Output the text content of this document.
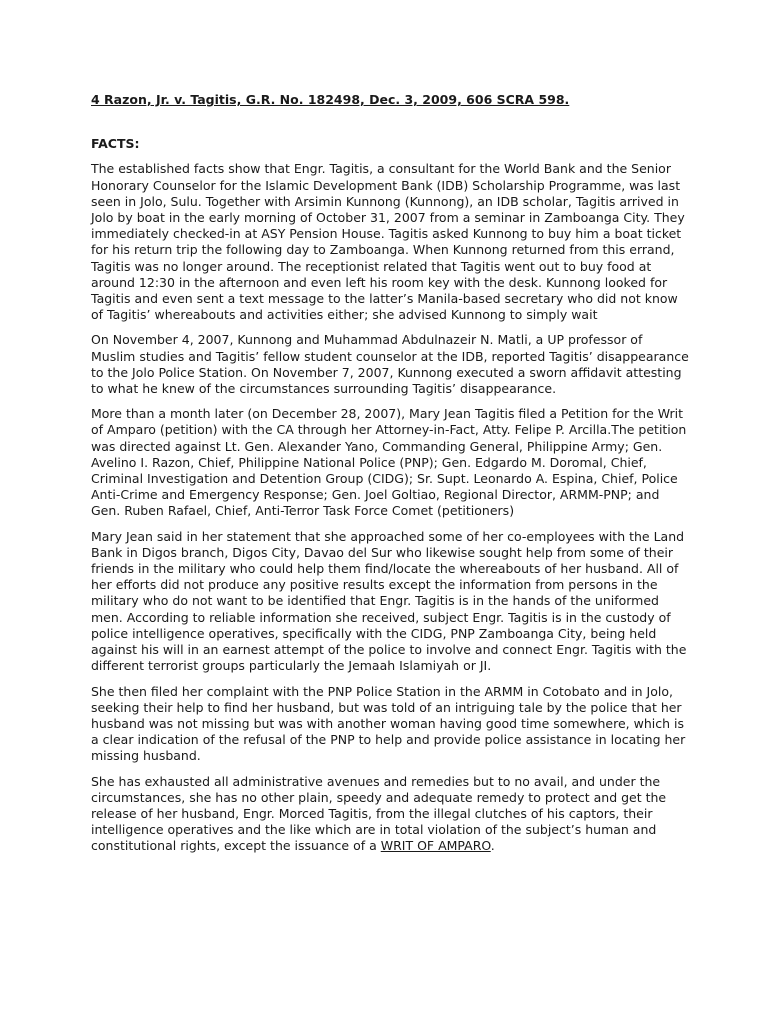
4 Razon, Jr. v. Tagitis, G.R. No. 182498, Dec. 3, 2009, 606 SCRA 598.
FACTS:

The established facts show that Engr. Tagitis, a consultant for the World Bank and the Senior Honorary Counselor for the Islamic Development Bank (IDB) Scholarship Programme, was last seen in Jolo, Sulu. Together with Arsimin Kunnong (Kunnong), an IDB scholar, Tagitis arrived in Jolo by boat in the early morning of October 31, 2007 from a seminar in Zamboanga City. They immediately checked-in at ASY Pension House. Tagitis asked Kunnong to buy him a boat ticket for his return trip the following day to Zamboanga. When Kunnong returned from this errand, Tagitis was no longer around. The receptionist related that Tagitis went out to buy food at around 12:30 in the afternoon and even left his room key with the desk. Kunnong looked for Tagitis and even sent a text message to the latter’s Manila-based secretary who did not know of Tagitis’ whereabouts and activities either; she advised Kunnong to simply wait

On November 4, 2007, Kunnong and Muhammad Abdulnazeir N. Matli, a UP professor of Muslim studies and Tagitis’ fellow student counselor at the IDB, reported Tagitis’ disappearance to the Jolo Police Station. On November 7, 2007, Kunnong executed a sworn affidavit attesting to what he knew of the circumstances surrounding Tagitis’ disappearance.

More than a month later (on December 28, 2007), Mary Jean Tagitis filed a Petition for the Writ of Amparo (petition) with the CA through her Attorney-in-Fact, Atty. Felipe P. Arcilla.The petition was directed against Lt. Gen. Alexander Yano, Commanding General, Philippine Army; Gen. Avelino I. Razon, Chief, Philippine National Police (PNP); Gen. Edgardo M. Doromal, Chief, Criminal Investigation and Detention Group (CIDG); Sr. Supt. Leonardo A. Espina, Chief, Police Anti-Crime and Emergency Response; Gen. Joel Goltiao, Regional Director, ARMM-PNP; and Gen. Ruben Rafael, Chief, Anti-Terror Task Force Comet (petitioners)

Mary Jean said in her statement that she approached some of her co-employees with the Land Bank in Digos branch, Digos City, Davao del Sur who likewise sought help from some of their friends in the military who could help them find/locate the whereabouts of her husband. All of her efforts did not produce any positive results except the information from persons in the military who do not want to be identified that Engr. Tagitis is in the hands of the uniformed men. According to reliable information she received, subject Engr. Tagitis is in the custody of police intelligence operatives, specifically with the CIDG, PNP Zamboanga City, being held against his will in an earnest attempt of the police to involve and connect Engr. Tagitis with the different terrorist groups particularly the Jemaah Islamiyah or JI.

She then filed her complaint with the PNP Police Station in the ARMM in Cotobato and in Jolo, seeking their help to find her husband, but was told of an intriguing tale by the police that her husband was not missing but was with another woman having good time somewhere, which is a clear indication of the refusal of the PNP to help and provide police assistance in locating her missing husband.

She has exhausted all administrative avenues and remedies but to no avail, and under the circumstances, she has no other plain, speedy and adequate remedy to protect and get the release of her husband, Engr. Morced Tagitis, from the illegal clutches of his captors, their intelligence operatives and the like which are in total violation of the subject’s human and constitutional rights, except the issuance of a WRIT OF AMPARO.
